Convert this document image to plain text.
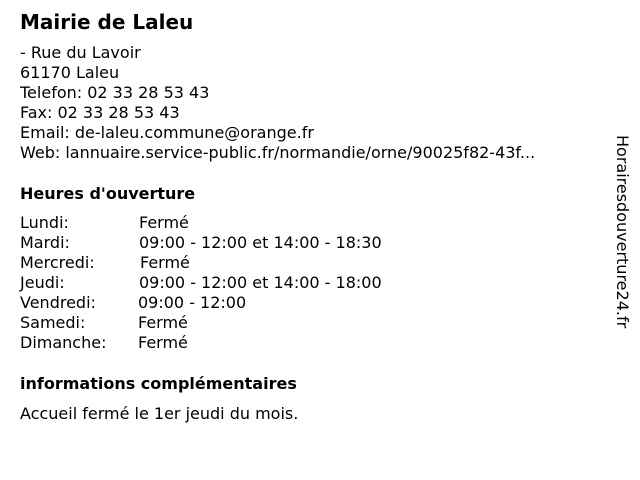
Mairie de Laleu
- Rue du Lavoir
61170 Laleu
Telefon: 02 33 28 53 43
Fax: 02 33 28 53 43
Email: de-laleu.commune@orange.fr
Web: lannuaire.service-public.fr/normandie/orne/90025f82-43f...
Heures d'ouverture
Lundi:	Fermé
Mardi:	09:00 - 12:00 et 14:00 - 18:30
Mercredi:	Fermé
Jeudi:	09:00 - 12:00 et 14:00 - 18:00
Vendredi:	09:00 - 12:00
Samedi:	Fermé
Dimanche: Fermé
informations complémentaires
Accueil fermé le 1er jeudi du mois.
Horairesdouverture24.fr
